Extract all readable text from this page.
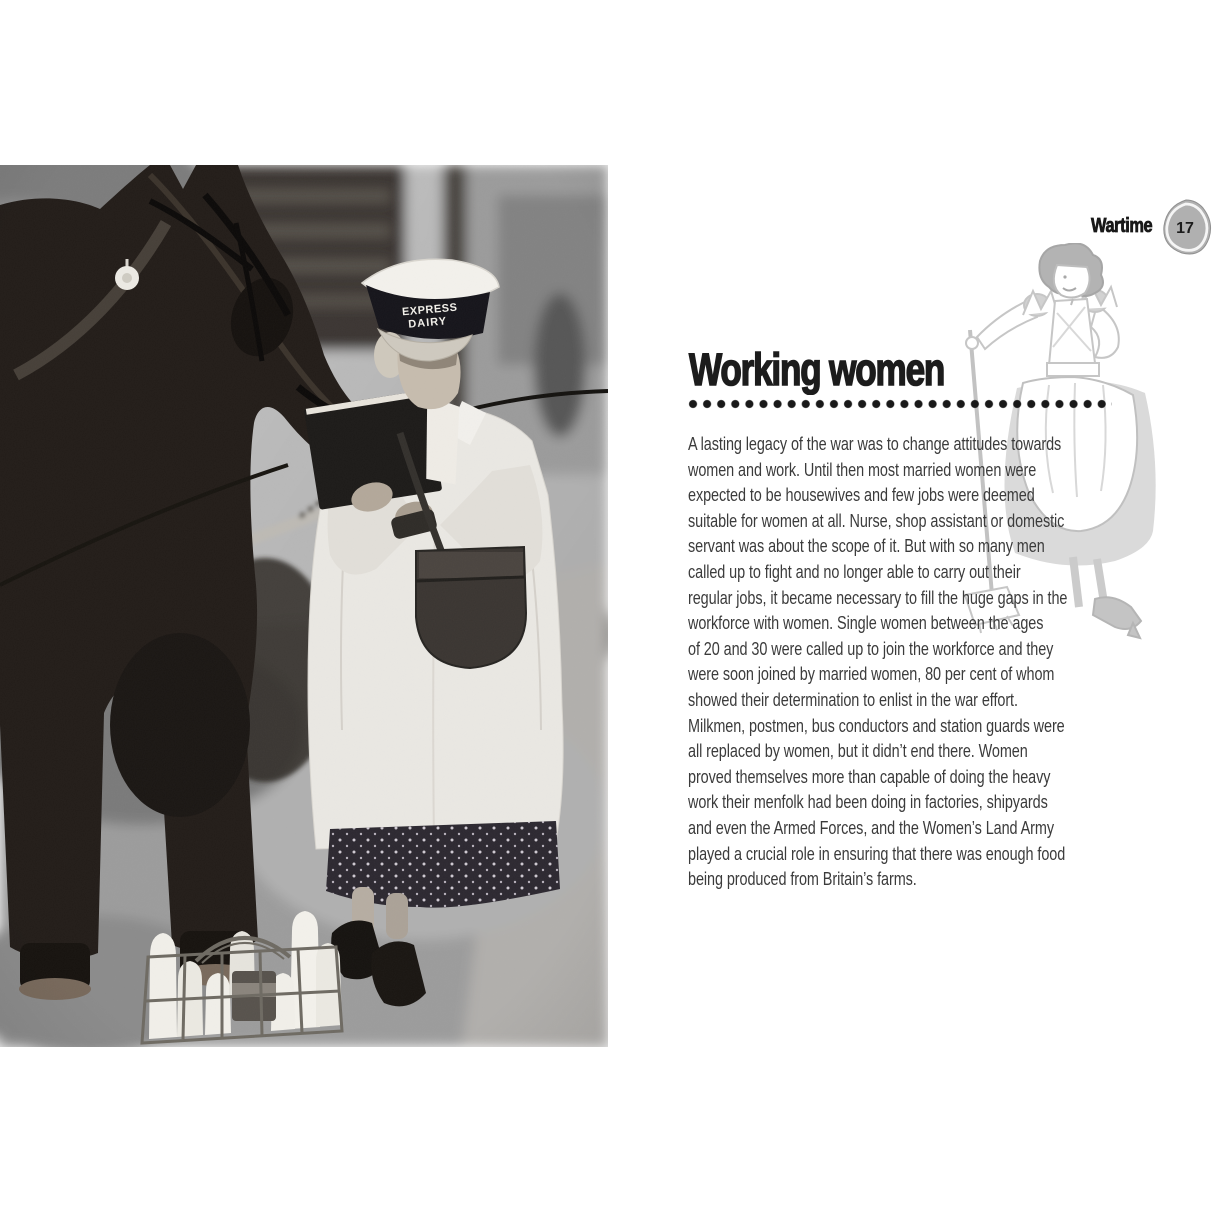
Wartime 17
Working women
A lasting legacy of the war was to change attitudes towards
women and work. Until then most married women were
expected to be housewives and few jobs were deemed
suitable for women at all. Nurse, shop assistant or domestic
servant was about the scope of it. But with so many men
called up to fight and no longer able to carry out their
regular jobs, it became necessary to fill the huge gaps in the
workforce with women. Single women between the ages
of 20 and 30 were called up to join the workforce and they
were soon joined by married women, 80 per cent of whom
showed their determination to enlist in the war effort.
Milkmen, postmen, bus conductors and station guards were
all replaced by women, but it didn’t end there. Women
proved themselves more than capable of doing the heavy
work their menfolk had been doing in factories, shipyards
and even the Armed Forces, and the Women’s Land Army
played a crucial role in ensuring that there was enough food
being produced from Britain’s farms.
